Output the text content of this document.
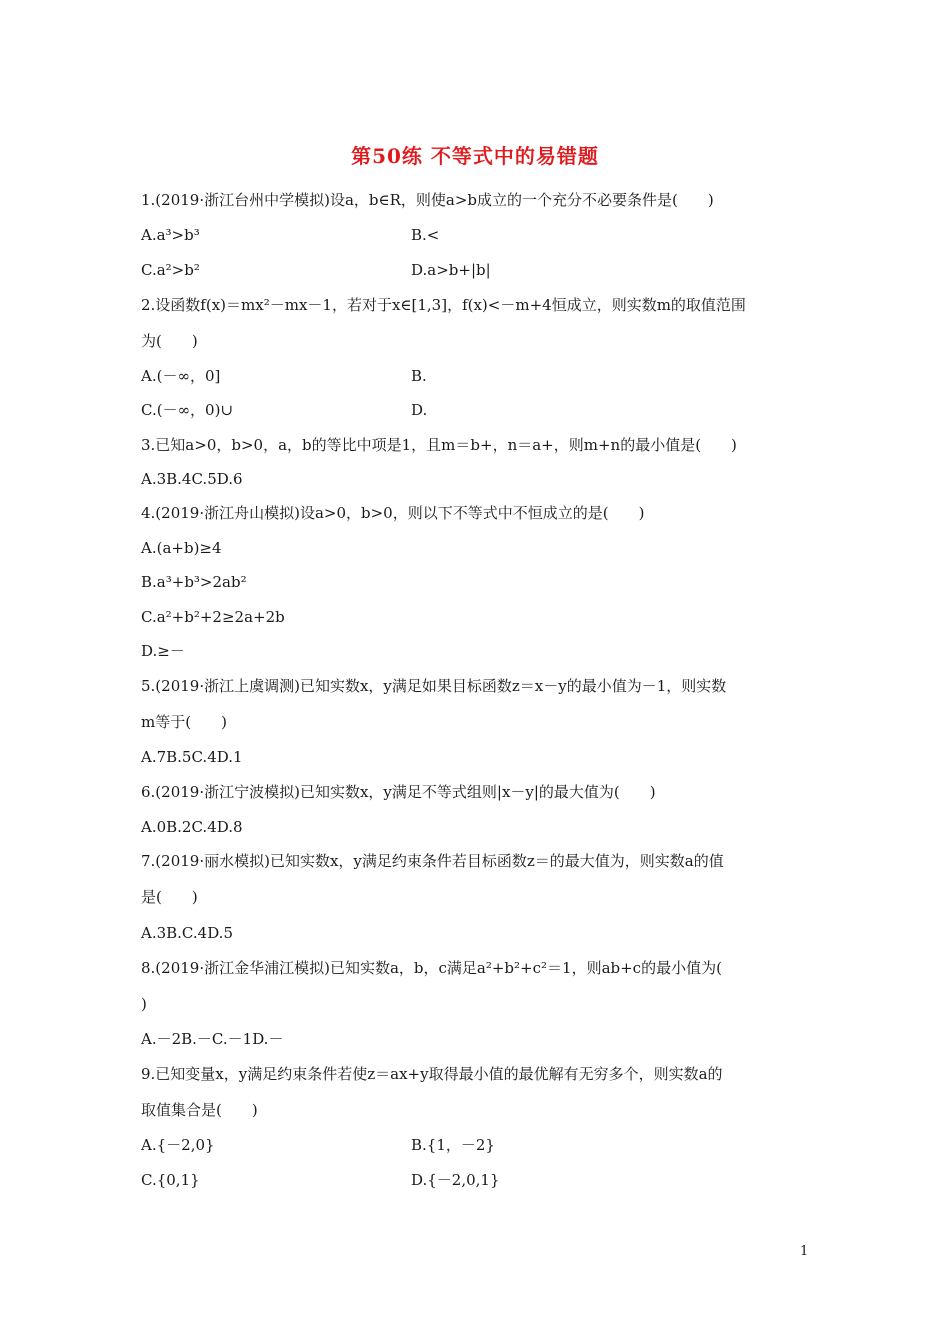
第50练 不等式中的易错题
1.(2019·浙江台州中学模拟)设a，b∈R，则使a>b成立的一个充分不必要条件是(　　)
A.a³>b³	B.<
C.a²>b²	D.a>b+|b|
2.设函数f(x)＝mx²－mx－1，若对于x∈[1,3]，f(x)<－m+4恒成立，则实数m的取值范围
为(　　)
A.(－∞，0]	B.
C.(－∞，0)∪	D.
3.已知a>0，b>0，a，b的等比中项是1，且m＝b+，n＝a+，则m+n的最小值是(　　)
A.3B.4C.5D.6
4.(2019·浙江舟山模拟)设a>0，b>0，则以下不等式中不恒成立的是(　　)
A.(a+b)≥4
B.a³+b³>2ab²
C.a²+b²+2≥2a+2b
D.≥－
5.(2019·浙江上虞调测)已知实数x，y满足如果目标函数z＝x－y的最小值为－1，则实数
m等于(　　)
A.7B.5C.4D.1
6.(2019·浙江宁波模拟)已知实数x，y满足不等式组则|x－y|的最大值为(　　)
A.0B.2C.4D.8
7.(2019·丽水模拟)已知实数x，y满足约束条件若目标函数z＝的最大值为，则实数a的值
是(　　)
A.3B.C.4D.5
8.(2019·浙江金华浦江模拟)已知实数a，b，c满足a²+b²+c²＝1，则ab+c的最小值为(
)
A.－2B.－C.－1D.－
9.已知变量x，y满足约束条件若使z＝ax+y取得最小值的最优解有无穷多个，则实数a的
取值集合是(　　)
A.{－2,0}	B.{1，－2}
C.{0,1}	D.{－2,0,1}
1
